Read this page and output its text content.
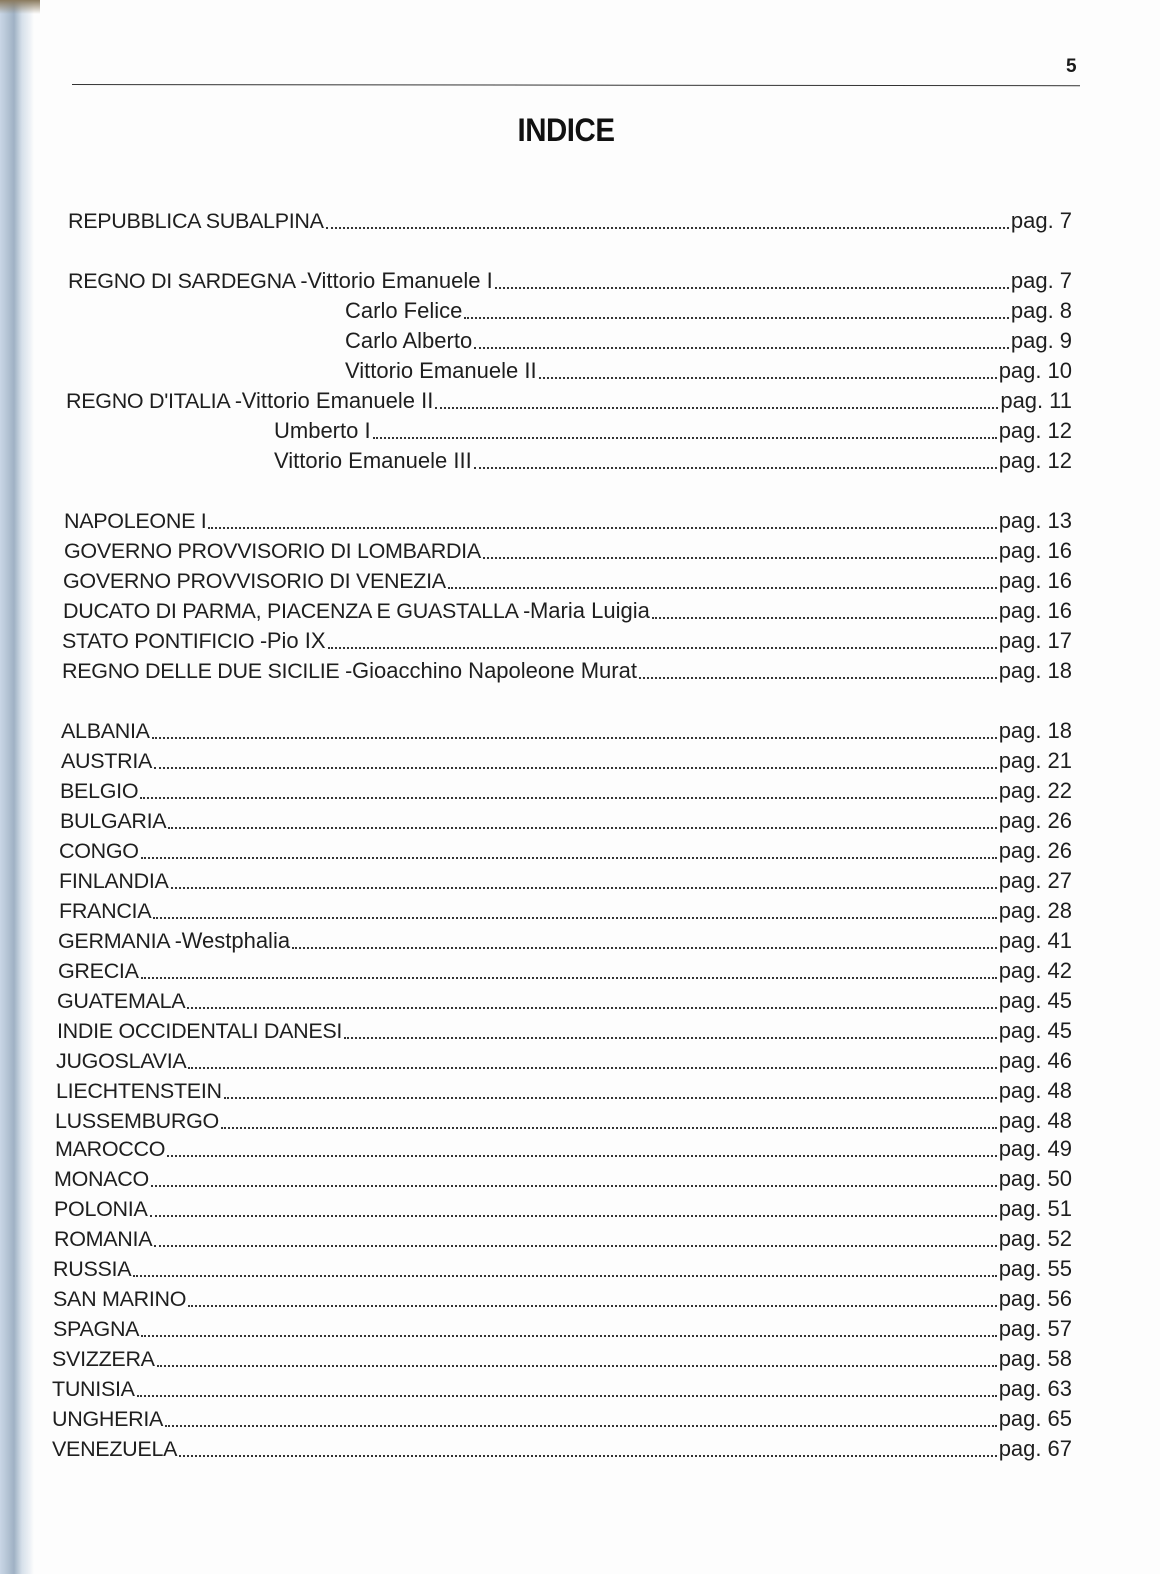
5
INDICE
REPUBBLICA SUBALPINA	pag. 7
REGNO DI SARDEGNA - Vittorio Emanuele I	pag. 7
Carlo Felice	pag. 8
Carlo Alberto	pag. 9
Vittorio Emanuele II	pag. 10
REGNO D'ITALIA - Vittorio Emanuele II	pag. 11
Umberto I	pag. 12
Vittorio Emanuele III	pag. 12
NAPOLEONE I	pag. 13
GOVERNO PROVVISORIO DI LOMBARDIA	pag. 16
GOVERNO PROVVISORIO DI VENEZIA	pag. 16
DUCATO DI PARMA, PIACENZA E GUASTALLA - Maria Luigia	pag. 16
STATO PONTIFICIO - Pio IX	pag. 17
REGNO DELLE DUE SICILIE - Gioacchino Napoleone Murat	pag. 18
ALBANIA	pag. 18
AUSTRIA	pag. 21
BELGIO	pag. 22
BULGARIA	pag. 26
CONGO	pag. 26
FINLANDIA	pag. 27
FRANCIA	pag. 28
GERMANIA - Westphalia	pag. 41
GRECIA	pag. 42
GUATEMALA	pag. 45
INDIE OCCIDENTALI DANESI	pag. 45
JUGOSLAVIA	pag. 46
LIECHTENSTEIN	pag. 48
LUSSEMBURGO	pag. 48
MAROCCO	pag. 49
MONACO	pag. 50
POLONIA	pag. 51
ROMANIA	pag. 52
RUSSIA	pag. 55
SAN MARINO	pag. 56
SPAGNA	pag. 57
SVIZZERA	pag. 58
TUNISIA	pag. 63
UNGHERIA	pag. 65
VENEZUELA	pag. 67
